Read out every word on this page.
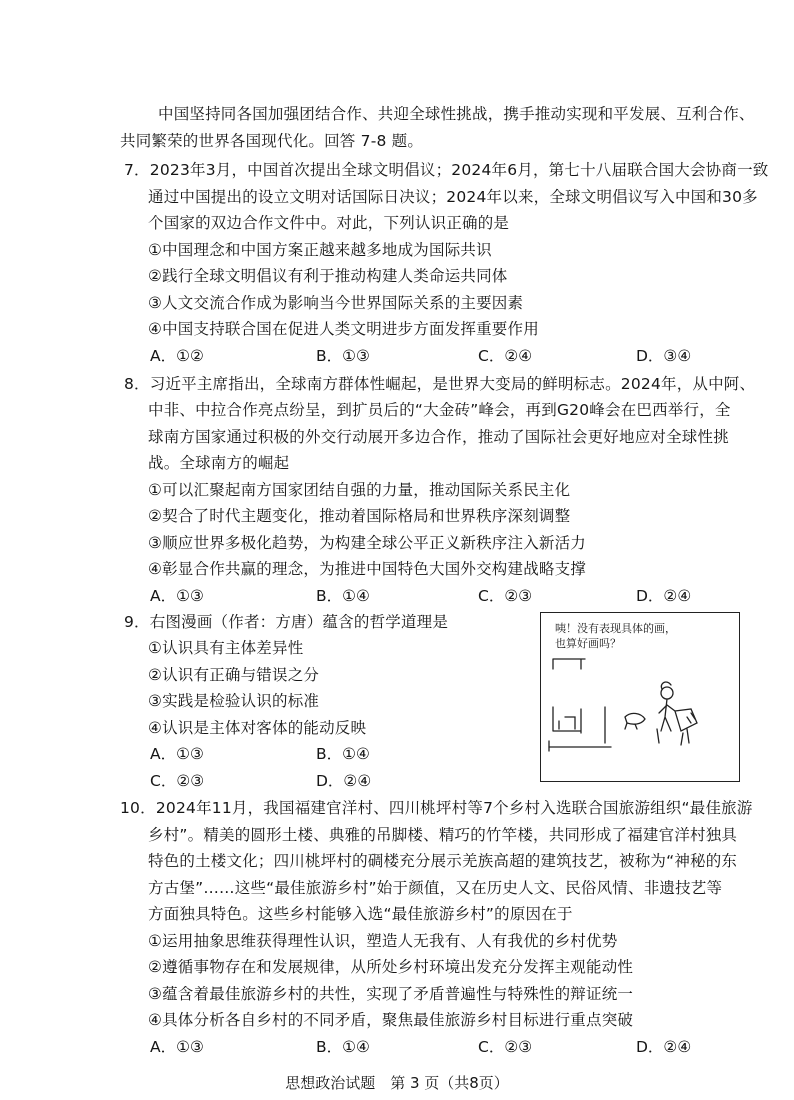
中国坚持同各国加强团结合作、共迎全球性挑战，携手推动实现和平发展、互利合作、
共同繁荣的世界各国现代化。回答 7-8 题。
7．2023年3月，中国首次提出全球文明倡议；2024年6月，第七十八届联合国大会协商一致
通过中国提出的设立文明对话国际日决议；2024年以来，全球文明倡议写入中国和30多
个国家的双边合作文件中。对此，下列认识正确的是
①中国理念和中国方案正越来越多地成为国际共识
②践行全球文明倡议有利于推动构建人类命运共同体
③人文交流合作成为影响当今世界国际关系的主要因素
④中国支持联合国在促进人类文明进步方面发挥重要作用
A．①②	B．①③	C．②④	D．③④
8．习近平主席指出，全球南方群体性崛起，是世界大变局的鲜明标志。2024年，从中阿、
中非、中拉合作亮点纷呈，到扩员后的“大金砖”峰会，再到G20峰会在巴西举行，全
球南方国家通过积极的外交行动展开多边合作，推动了国际社会更好地应对全球性挑
战。全球南方的崛起
①可以汇聚起南方国家团结自强的力量，推动国际关系民主化
②契合了时代主题变化，推动着国际格局和世界秩序深刻调整
③顺应世界多极化趋势，为构建全球公平正义新秩序注入新活力
④彰显合作共赢的理念，为推进中国特色大国外交构建战略支撑
A．①③	B．①④	C．②③	D．②④
9．右图漫画（作者：方唐）蕴含的哲学道理是
①认识具有主体差异性
②认识有正确与错误之分
③实践是检验认识的标准
④认识是主体对客体的能动反映
A．①③	B．①④
C．②③	D．②④
咦！没有表现具体的画，
也算好画吗？
10．2024年11月，我国福建官洋村、四川桃坪村等7个乡村入选联合国旅游组织“最佳旅游
乡村”。精美的圆形土楼、典雅的吊脚楼、精巧的竹竿楼，共同形成了福建官洋村独具
特色的土楼文化；四川桃坪村的碉楼充分展示羌族高超的建筑技艺，被称为“神秘的东
方古堡”……这些“最佳旅游乡村”始于颜值，又在历史人文、民俗风情、非遗技艺等
方面独具特色。这些乡村能够入选“最佳旅游乡村”的原因在于
①运用抽象思维获得理性认识，塑造人无我有、人有我优的乡村优势
②遵循事物存在和发展规律，从所处乡村环境出发充分发挥主观能动性
③蕴含着最佳旅游乡村的共性，实现了矛盾普遍性与特殊性的辩证统一
④具体分析各自乡村的不同矛盾，聚焦最佳旅游乡村目标进行重点突破
A．①③	B．①④	C．②③	D．②④
思想政治试题　第 3 页（共8页）
